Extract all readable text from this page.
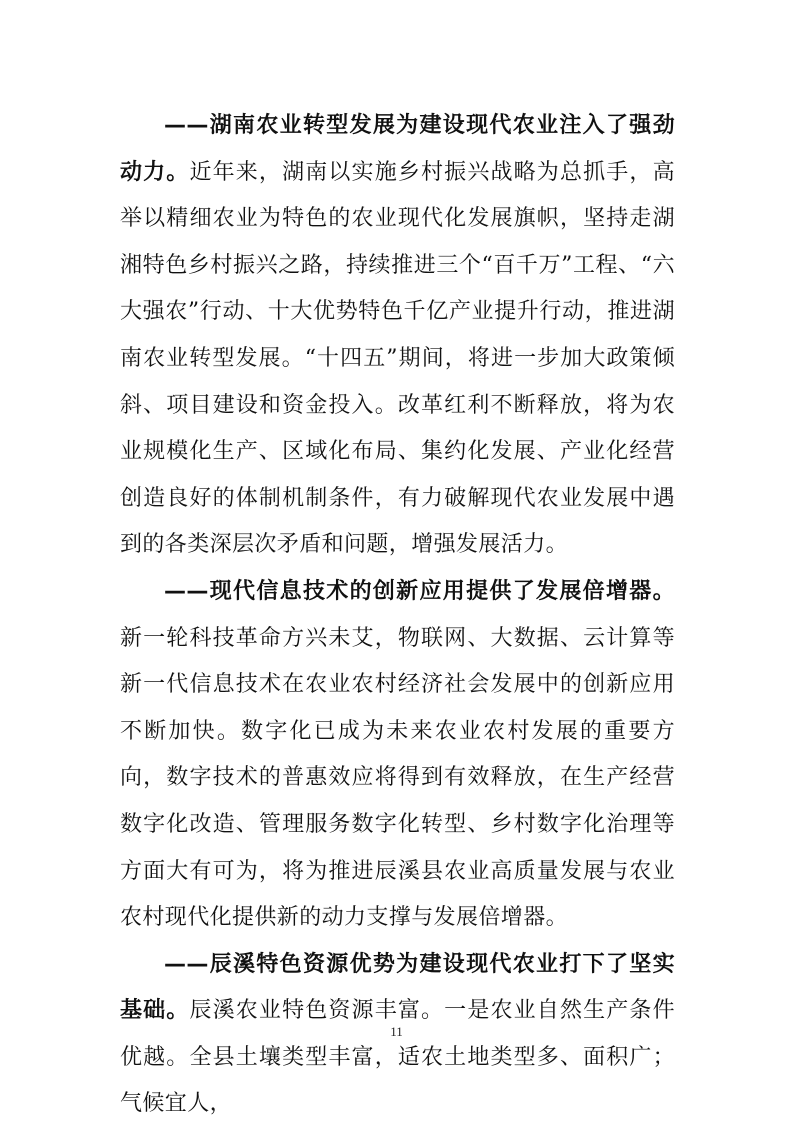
——湖南农业转型发展为建设现代农业注入了强劲动力。近年来，湖南以实施乡村振兴战略为总抓手，高举以精细农业为特色的农业现代化发展旗帜，坚持走湖湘特色乡村振兴之路，持续推进三个“百千万”工程、“六大强农”行动、十大优势特色千亿产业提升行动，推进湖南农业转型发展。“十四五”期间，将进一步加大政策倾斜、项目建设和资金投入。改革红利不断释放，将为农业规模化生产、区域化布局、集约化发展、产业化经营创造良好的体制机制条件，有力破解现代农业发展中遇到的各类深层次矛盾和问题，增强发展活力。

——现代信息技术的创新应用提供了发展倍增器。新一轮科技革命方兴未艾，物联网、大数据、云计算等新一代信息技术在农业农村经济社会发展中的创新应用不断加快。数字化已成为未来农业农村发展的重要方向，数字技术的普惠效应将得到有效释放，在生产经营数字化改造、管理服务数字化转型、乡村数字化治理等方面大有可为，将为推进辰溪县农业高质量发展与农业农村现代化提供新的动力支撑与发展倍增器。

——辰溪特色资源优势为建设现代农业打下了坚实基础。辰溪农业特色资源丰富。一是农业自然生产条件优越。全县土壤类型丰富，适农土地类型多、面积广；气候宜人，

11
